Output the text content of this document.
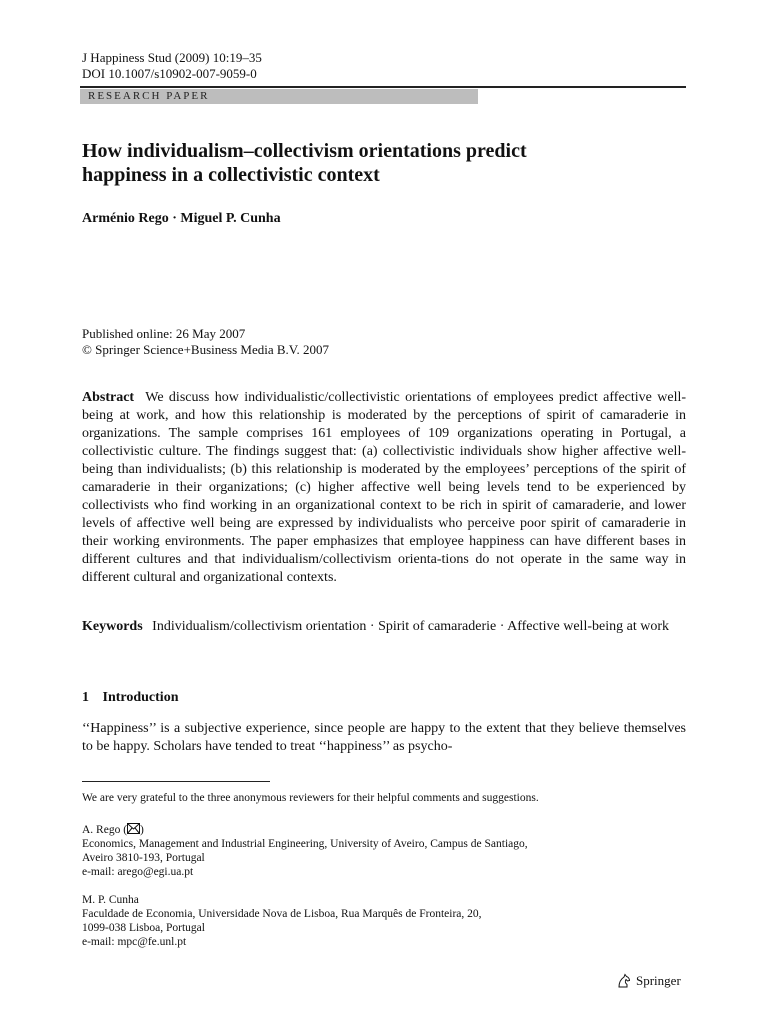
J Happiness Stud (2009) 10:19–35
DOI 10.1007/s10902-007-9059-0
RESEARCH PAPER
How individualism–collectivism orientations predict
happiness in a collectivistic context
Arménio Rego · Miguel P. Cunha
Published online: 26 May 2007
© Springer Science+Business Media B.V. 2007
Abstract We discuss how individualistic/collectivistic orientations of employees predict affective well-being at work, and how this relationship is moderated by the perceptions of spirit of camaraderie in organizations. The sample comprises 161 employees of 109 organizations operating in Portugal, a collectivistic culture. The findings suggest that: (a) collectivistic individuals show higher affective well-being than individualists; (b) this relationship is moderated by the employees’ perceptions of the spirit of camaraderie in their organizations; (c) higher affective well being levels tend to be experienced by collectivists who find working in an organizational context to be rich in spirit of camaraderie, and lower levels of affective well being are expressed by individualists who perceive poor spirit of camaraderie in their working environments. The paper emphasizes that employee happiness can have different bases in different cultures and that individualism/collectivism orienta-tions do not operate in the same way in different cultural and organizational contexts.
Keywords Individualism/collectivism orientation · Spirit of camaraderie · Affective well-being at work
1 Introduction
‘‘Happiness’’ is a subjective experience, since people are happy to the extent that they believe themselves to be happy. Scholars have tended to treat ‘‘happiness’’ as psycho-
We are very grateful to the three anonymous reviewers for their helpful comments and suggestions.
A. Rego ( )
Economics, Management and Industrial Engineering, University of Aveiro, Campus de Santiago,
Aveiro 3810-193, Portugal
e-mail: arego@egi.ua.pt
M. P. Cunha
Faculdade de Economia, Universidade Nova de Lisboa, Rua Marquês de Fronteira, 20,
1099-038 Lisboa, Portugal
e-mail: mpc@fe.unl.pt
Springer
